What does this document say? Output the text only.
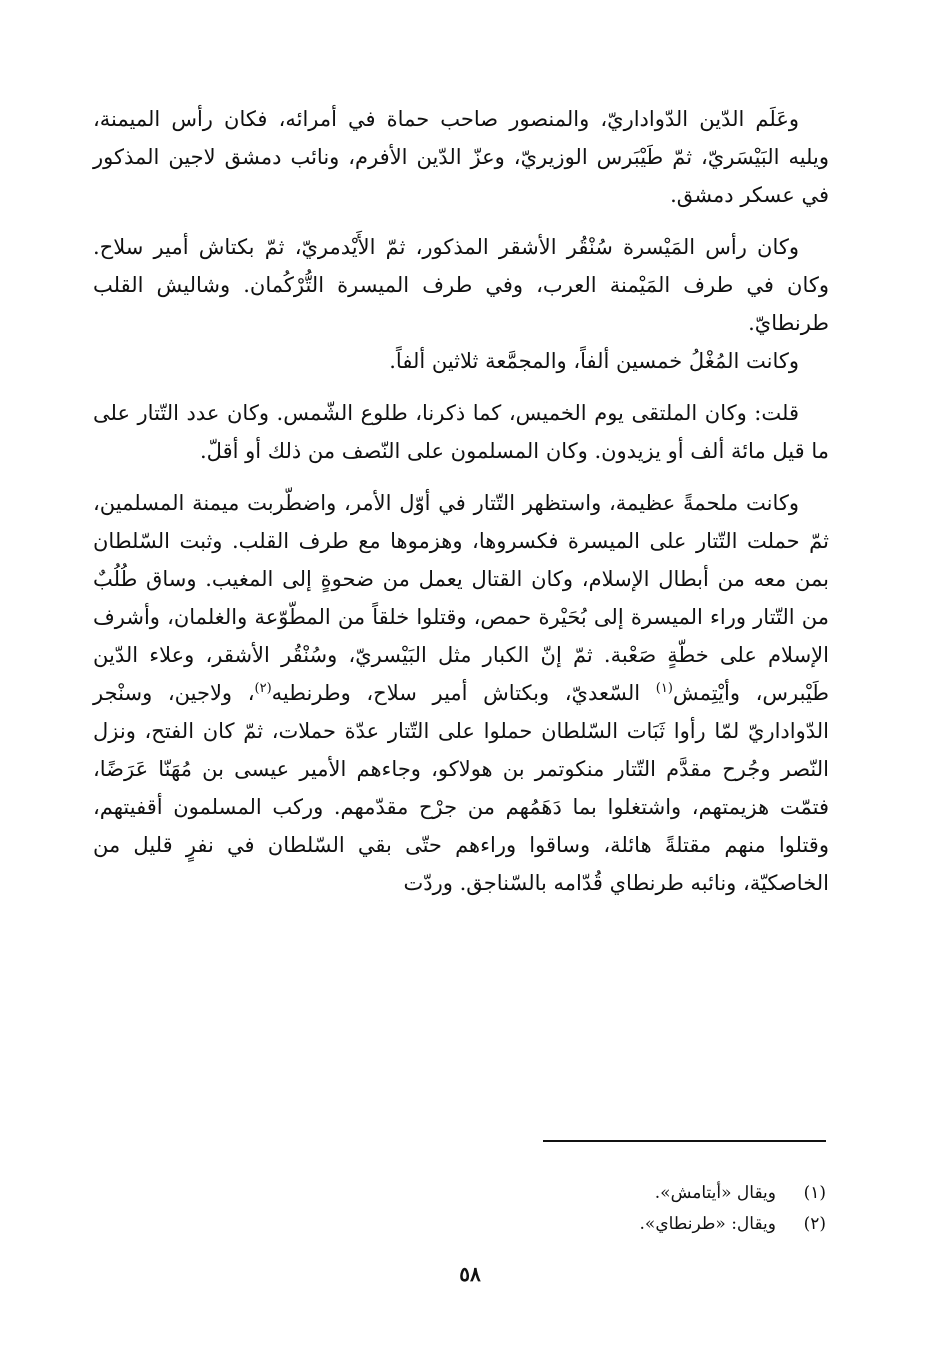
وعَلَم الدّين الدّواداريّ، والمنصور صاحب حماة في أمرائه، فكان رأس الميمنة، ويليه البَيْسَريّ، ثمّ طَيْبَرس الوزيريّ، وعزّ الدّين الأفرم، ونائب دمشق لاجين المذكور في عسكر دمشق.

وكان رأس المَيْسرة سُنْقُر الأشقر المذكور، ثمّ الأَيْدمريّ، ثمّ بكتاش أمير سلاح. وكان في طرف المَيْمنة العرب، وفي طرف الميسرة التُّرْكُمان. وشاليش القلب طرنطايّ.

وكانت المُغْلُ خمسين ألفاً، والمجمَّعة ثلاثين ألفاً.

قلت: وكان الملتقى يوم الخميس، كما ذكرنا، طلوع الشّمس. وكان عدد التّتار على ما قيل مائة ألف أو يزيدون. وكان المسلمون على النّصف من ذلك أو أقلّ.

وكانت ملحمةً عظيمة، واستظهر التّتار في أوّل الأمر، واضطّربت ميمنة المسلمين، ثمّ حملت التّتار على الميسرة فكسروها، وهزموها مع طرف القلب. وثبت السّلطان بمن معه من أبطال الإسلام، وكان القتال يعمل من ضحوةٍ إلى المغيب. وساق طُلُبٌ من التّتار وراء الميسرة إلى بُحَيْرة حمص، وقتلوا خلقاً من المطّوّعة والغلمان، وأشرف الإسلام على خطّةٍ صَعْبة. ثمّ إنّ الكبار مثل البَيْسريّ، وسُنْقُر الأشقر، وعلاء الدّين طَيْبرس، وأيْتِمش$^{(١)}$ السّعديّ، وبكتاش أمير سلاح، وطرنطيه$^{(٢)}$، ولاجين، وسنْجر الدّواداريّ لمّا رأوا ثَبَات السّلطان حملوا على التّتار عدّة حملات، ثمّ كان الفتح، ونزل النّصر وجُرح مقدَّم التّتار منكوتمر بن هولاكو، وجاءهم الأمير عيسى بن مُهَنّا عَرَضًا، فتمّت هزيمتهم، واشتغلوا بما دَهَمُهم من جرْح مقدّمهم. وركب المسلمون أقفيتهم، وقتلوا منهم مقتلةً هائلة، وساقوا وراءهم حتّى بقي السّلطان في نفرٍ قليل من الخاصكيّة، ونائبه طرنطاي قُدّامه بالسّناجق. وردّت

(١)ويقال «أيتامش».

(٢)ويقال: «طرنطاي».

٥٨
